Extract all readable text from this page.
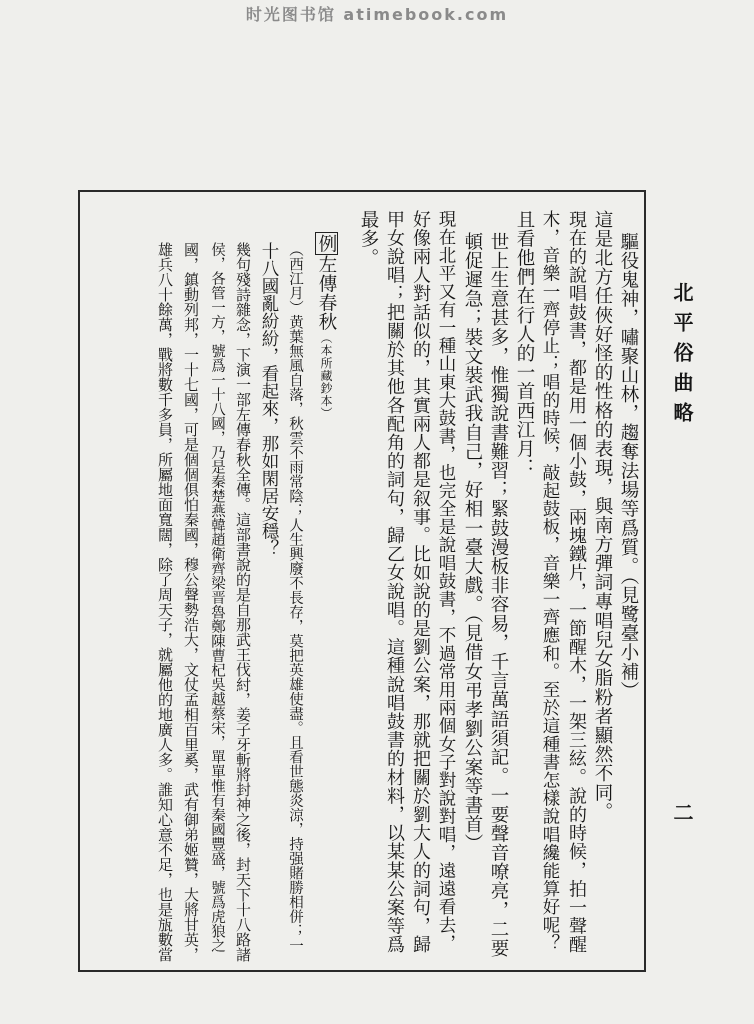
时光图书馆 atimebook.com
北平俗曲略
二
驅役鬼神，嘯聚山林，趨奪法場等爲質。（見鹭臺小補）
這是北方任俠好怪的性格的表現，與南方彈詞專唱兒女脂粉者顯然不同。
現在的說唱鼓書，都是用一個小鼓，兩塊鐵片，一節醒木，一架三絃。說的時候，拍一聲醒
木，音樂一齊停止；唱的時候，敲起鼓板，音樂一齊應和。至於這種書怎樣說唱纔能算好呢？
且看他們在行人的一首西江月：
世上生意甚多，惟獨說書難習；緊鼓漫板非容易，千言萬語須記。一要聲音嘹亮，二要
頓促遲急；裝文裝武我自己，好相一臺大戲。（見借女弔孝劉公案等書首）
現在北平又有一種山東大鼓書，也完全是說唱鼓書，不過常用兩個女子對說對唱，遠遠看去，
好像兩人對話似的，其實兩人都是叙事。比如說的是劉公案，那就把關於劉大人的詞句，歸
甲女說唱；把關於其他各配角的詞句，歸乙女說唱。這種說唱鼓書的材料，以某某公案等爲
最多。
例左傳春秋（本所藏鈔本）
（西江月）黄葉無風自落，秋雲不雨常陰；人生興廢不長存，莫把英雄使盡。且看世態炎涼，持强賭勝相併；一
十八國亂紛紛，看起來，那如閑居安穩？
幾句殘詩雜念，下演一部左傳春秋全傳。這部書說的是自那武王伐紂，姜子牙斬將封神之後，封天下十八路諸
侯，各管一方，號爲一十八國，乃是秦楚燕韓趙衛齊梁晋魯鄭陳曹杞吳越蔡宋，單單惟有秦國豐盛，號爲虎狼之
國，鎮動列邦，一十七國，可是個個俱怕秦國，穆公聲勢浩大，文仗孟相百里奚，武有御弟姬贊，大將甘英，
雄兵八十餘萬，戰將數千多員，所屬地面寬闊，除了周天子，就屬他的地廣人多。誰知心意不足，也是瓬數當
